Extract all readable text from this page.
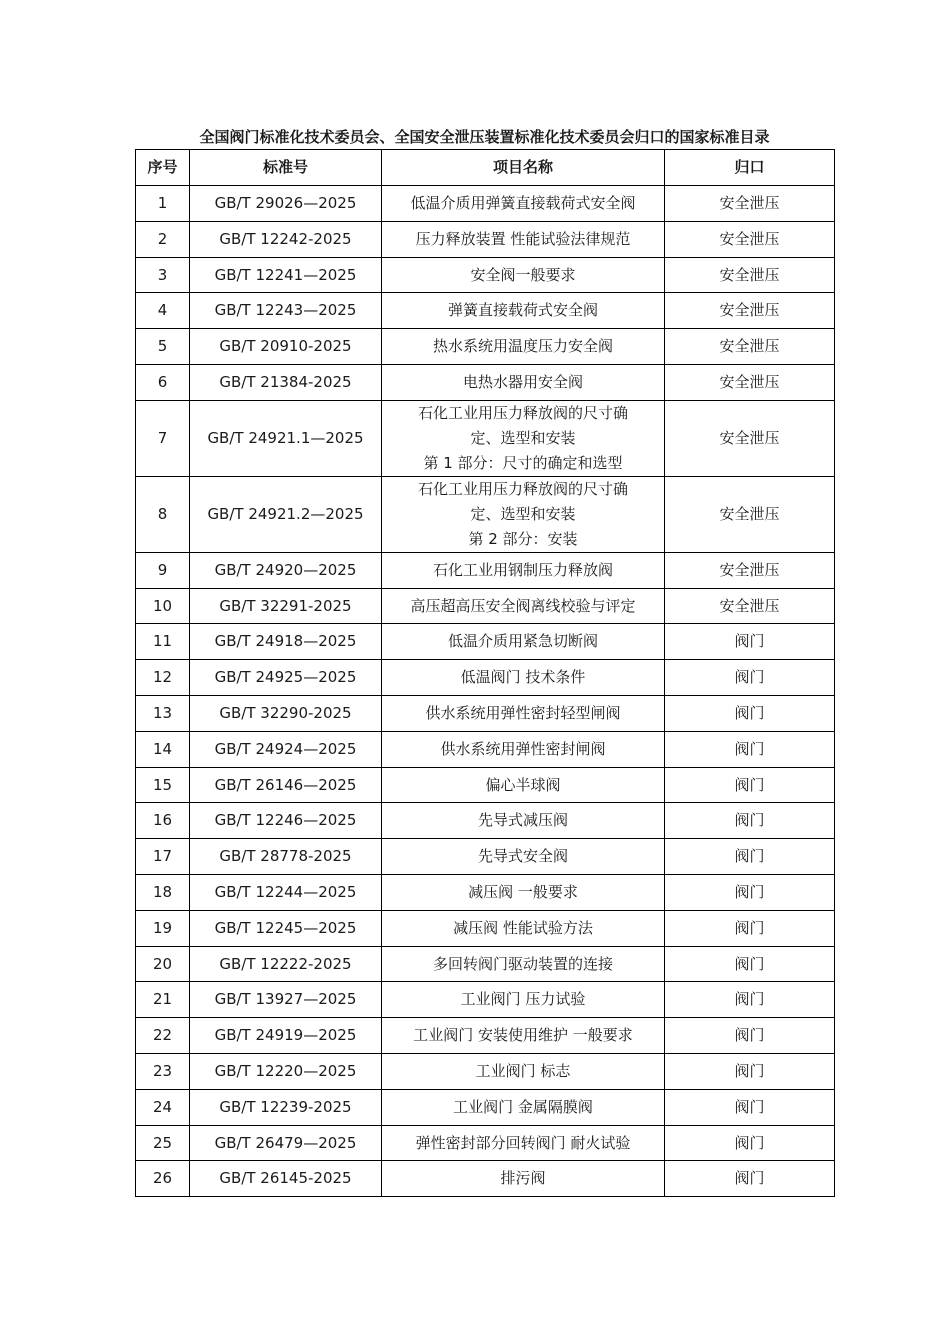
全国阀门标准化技术委员会、全国安全泄压装置标准化技术委员会归口的国家标准目录
序号	标准号	项目名称	归口
1	GB/T 29026—2025	低温介质用弹簧直接载荷式安全阀	安全泄压
2	GB/T 12242-2025	压力释放装置 性能试验法律规范	安全泄压
3	GB/T 12241—2025	安全阀一般要求	安全泄压
4	GB/T 12243—2025	弹簧直接载荷式安全阀	安全泄压
5	GB/T 20910-2025	热水系统用温度压力安全阀	安全泄压
6	GB/T 21384-2025	电热水器用安全阀	安全泄压
7	GB/T 24921.1—2025	石化工业用压力释放阀的尺寸确
定、选型和安装
第 1 部分：尺寸的确定和选型	安全泄压
8	GB/T 24921.2—2025	石化工业用压力释放阀的尺寸确
定、选型和安装
第 2 部分：安装	安全泄压
9	GB/T 24920—2025	石化工业用钢制压力释放阀	安全泄压
10	GB/T 32291-2025	高压超高压安全阀离线校验与评定	安全泄压
11	GB/T 24918—2025	低温介质用紧急切断阀	阀门
12	GB/T 24925—2025	低温阀门 技术条件	阀门
13	GB/T 32290-2025	供水系统用弹性密封轻型闸阀	阀门
14	GB/T 24924—2025	供水系统用弹性密封闸阀	阀门
15	GB/T 26146—2025	偏心半球阀	阀门
16	GB/T 12246—2025	先导式减压阀	阀门
17	GB/T 28778-2025	先导式安全阀	阀门
18	GB/T 12244—2025	减压阀 一般要求	阀门
19	GB/T 12245—2025	减压阀 性能试验方法	阀门
20	GB/T 12222-2025	多回转阀门驱动装置的连接	阀门
21	GB/T 13927—2025	工业阀门 压力试验	阀门
22	GB/T 24919—2025	工业阀门 安装使用维护 一般要求	阀门
23	GB/T 12220—2025	工业阀门 标志	阀门
24	GB/T 12239-2025	工业阀门 金属隔膜阀	阀门
25	GB/T 26479—2025	弹性密封部分回转阀门 耐火试验	阀门
26	GB/T 26145-2025	排污阀	阀门
